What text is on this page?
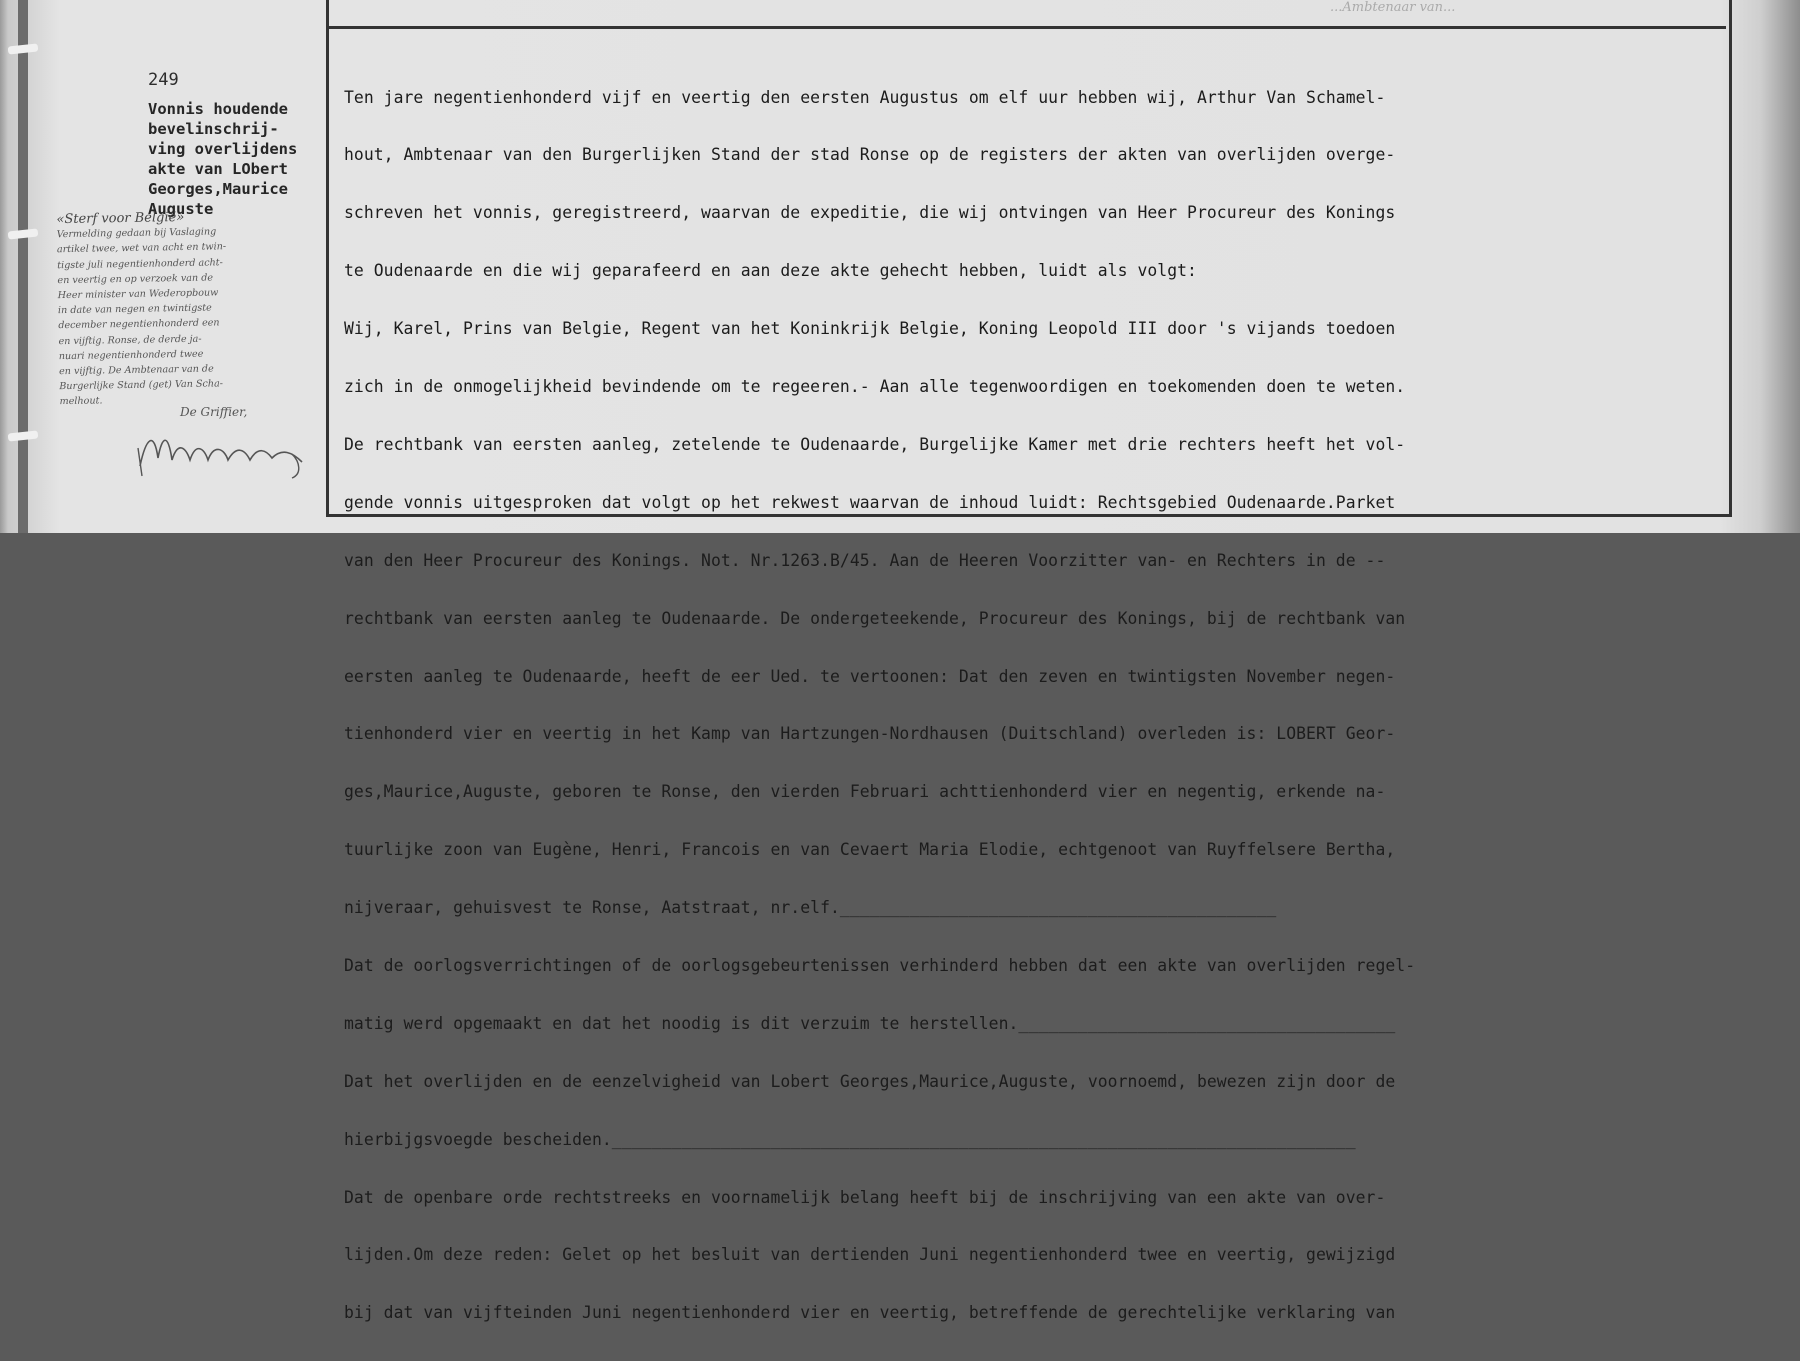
...Ambtenaar van...
249
Vonnis houdende
bevelinschrij-
ving overlijdens
akte van LObert
Georges,Maurice
Auguste
«Sterf voor België»
Vermelding gedaan bij Vaslaging
artikel twee, wet van acht en twin-
tigste juli negentienhonderd acht-
en veertig en op verzoek van de
Heer minister van Wederopbouw
in date van negen en twintigste
december negentienhonderd een
en vijftig. Ronse, de derde ja-
nuari negentienhonderd twee
en vijftig. De Ambtenaar van de
Burgerlijke Stand (get) Van Scha-
melhout.
De Griffier,

Ten jare negentienhonderd vijf en veertig den eersten Augustus om elf uur hebben wij, Arthur Van Schamel-

hout, Ambtenaar van den Burgerlijken Stand der stad Ronse op de registers der akten van overlijden overge-

schreven het vonnis, geregistreerd, waarvan de expeditie, die wij ontvingen van Heer Procureur des Konings

te Oudenaarde en die wij geparafeerd en aan deze akte gehecht hebben, luidt als volgt:

Wij, Karel, Prins van Belgie, Regent van het Koninkrijk Belgie, Koning Leopold III door 's vijands toedoen

zich in de onmogelijkheid bevindende om te regeeren.- Aan alle tegenwoordigen en toekomenden doen te weten.

De rechtbank van eersten aanleg, zetelende te Oudenaarde, Burgelijke Kamer met drie rechters heeft het vol-

gende vonnis uitgesproken dat volgt op het rekwest waarvan de inhoud luidt: Rechtsgebied Oudenaarde.Parket

van den Heer Procureur des Konings. Not. Nr.1263.B/45. Aan de Heeren Voorzitter van- en Rechters in de --

rechtbank van eersten aanleg te Oudenaarde. De ondergeteekende, Procureur des Konings, bij de rechtbank van

eersten aanleg te Oudenaarde, heeft de eer Ued. te vertoonen: Dat den zeven en twintigsten November negen-

tienhonderd vier en veertig in het Kamp van Hartzungen-Nordhausen (Duitschland) overleden is: LOBERT Geor-

ges,Maurice,Auguste, geboren te Ronse, den vierden Februari achttienhonderd vier en negentig, erkende na-

tuurlijke zoon van Eugène, Henri, Francois en van Cevaert Maria Elodie, echtgenoot van Ruyffelsere Bertha,

nijveraar, gehuisvest te Ronse, Aatstraat, nr.elf.____________________________________________

Dat de oorlogsverrichtingen of de oorlogsgebeurtenissen verhinderd hebben dat een akte van overlijden regel-

matig werd opgemaakt en dat het noodig is dit verzuim te herstellen.______________________________________

Dat het overlijden en de eenzelvigheid van Lobert Georges,Maurice,Auguste, voornoemd, bewezen zijn door de

hierbijgsvoegde bescheiden.___________________________________________________________________________

Dat de openbare orde rechtstreeks en voornamelijk belang heeft bij de inschrijving van een akte van over-

lijden.Om deze reden: Gelet op het besluit van dertienden Juni negentienhonderd twee en veertig, gewijzigd

bij dat van vijfteinden Juni negentienhonderd vier en veertig, betreffende de gerechtelijke verklaring van
